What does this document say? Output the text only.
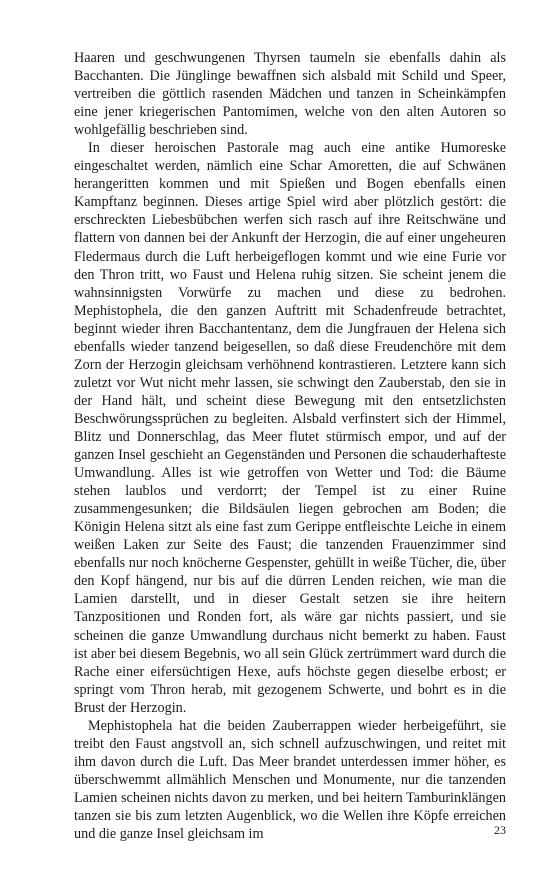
Haaren und geschwungenen Thyrsen taumeln sie ebenfalls dahin als Bacchanten. Die Jünglinge bewaffnen sich alsbald mit Schild und Speer, vertreiben die göttlich rasenden Mädchen und tanzen in Scheinkämpfen eine jener kriegerischen Pantomimen, welche von den alten Autoren so wohlgefällig beschrieben sind.

In dieser heroischen Pastorale mag auch eine antike Humoreske eingeschaltet werden, nämlich eine Schar Amoretten, die auf Schwänen herangeritten kommen und mit Spießen und Bogen ebenfalls einen Kampftanz beginnen. Dieses artige Spiel wird aber plötzlich gestört: die erschreckten Liebesbübchen werfen sich rasch auf ihre Reitschwäne und flattern von dannen bei der Ankunft der Herzogin, die auf einer ungeheuren Fledermaus durch die Luft herbeigeflogen kommt und wie eine Furie vor den Thron tritt, wo Faust und Helena ruhig sitzen. Sie scheint jenem die wahnsinnigsten Vorwürfe zu machen und diese zu bedrohen. Mephistophela, die den ganzen Auftritt mit Schadenfreude betrachtet, beginnt wieder ihren Bacchantentanz, dem die Jungfrauen der Helena sich ebenfalls wieder tanzend beigesellen, so daß diese Freudenchöre mit dem Zorn der Herzogin gleichsam verhöhnend kontrastieren. Letztere kann sich zuletzt vor Wut nicht mehr lassen, sie schwingt den Zauberstab, den sie in der Hand hält, und scheint diese Bewegung mit den entsetzlichsten Beschwörungssprüchen zu begleiten. Alsbald verfinstert sich der Himmel, Blitz und Donnerschlag, das Meer flutet stürmisch empor, und auf der ganzen Insel geschieht an Gegenständen und Personen die schauderhafteste Umwandlung. Alles ist wie getroffen von Wetter und Tod: die Bäume stehen laublos und verdorrt; der Tempel ist zu einer Ruine zusammengesunken; die Bildsäulen liegen gebrochen am Boden; die Königin Helena sitzt als eine fast zum Gerippe entfleischte Leiche in einem weißen Laken zur Seite des Faust; die tanzenden Frauenzimmer sind ebenfalls nur noch knöcherne Gespenster, gehüllt in weiße Tücher, die, über den Kopf hängend, nur bis auf die dürren Lenden reichen, wie man die Lamien darstellt, und in dieser Gestalt setzen sie ihre heitern Tanzpositionen und Ronden fort, als wäre gar nichts passiert, und sie scheinen die ganze Umwandlung durchaus nicht bemerkt zu haben. Faust ist aber bei diesem Begebnis, wo all sein Glück zertrümmert ward durch die Rache einer eifersüchtigen Hexe, aufs höchste gegen dieselbe erbost; er springt vom Thron herab, mit gezogenem Schwerte, und bohrt es in die Brust der Herzogin.

Mephistophela hat die beiden Zauberrappen wieder herbeigeführt, sie treibt den Faust angstvoll an, sich schnell aufzuschwingen, und reitet mit ihm davon durch die Luft. Das Meer brandet unterdessen immer höher, es überschwemmt allmählich Menschen und Monumente, nur die tanzenden Lamien scheinen nichts davon zu merken, und bei heitern Tamburinklängen tanzen sie bis zum letzten Augenblick, wo die Wellen ihre Köpfe erreichen und die ganze Insel gleichsam im	23
